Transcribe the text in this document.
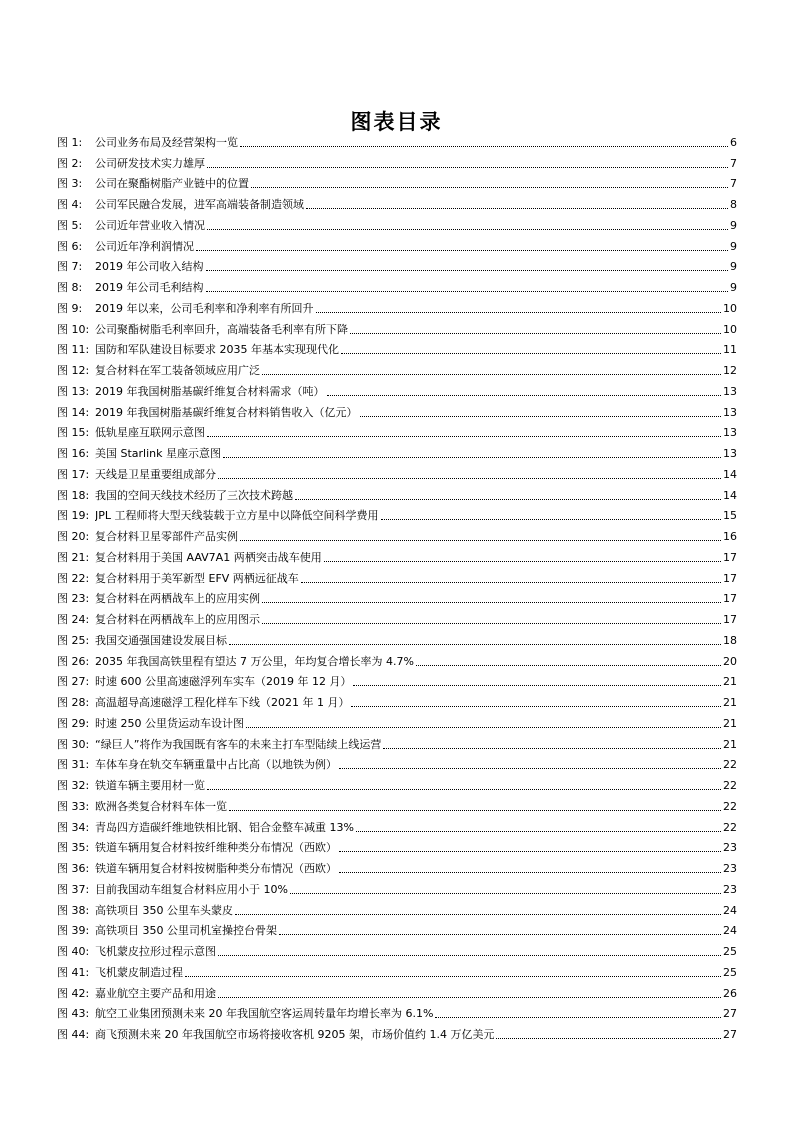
图表目录
图 1:	公司业务布局及经营架构一览	6
图 2:	公司研发技术实力雄厚	7
图 3:	公司在聚酯树脂产业链中的位置	7
图 4:	公司军民融合发展，进军高端装备制造领域	8
图 5:	公司近年营业收入情况	9
图 6:	公司近年净利润情况	9
图 7:	2019 年公司收入结构	9
图 8:	2019 年公司毛利结构	9
图 9:	2019 年以来，公司毛利率和净利率有所回升	10
图 10: 公司聚酯树脂毛利率回升，高端装备毛利率有所下降	10
图 11: 国防和军队建设目标要求 2035 年基本实现现代化	11
图 12: 复合材料在军工装备领域应用广泛	12
图 13: 2019 年我国树脂基碳纤维复合材料需求（吨）	13
图 14: 2019 年我国树脂基碳纤维复合材料销售收入（亿元）	13
图 15: 低轨星座互联网示意图	13
图 16: 美国 Starlink 星座示意图	13
图 17: 天线是卫星重要组成部分	14
图 18: 我国的空间天线技术经历了三次技术跨越	14
图 19: JPL 工程师将大型天线装载于立方星中以降低空间科学费用	15
图 20: 复合材料卫星零部件产品实例	16
图 21: 复合材料用于美国 AAV7A1 两栖突击战车使用	17
图 22: 复合材料用于美军新型 EFV 两栖远征战车	17
图 23: 复合材料在两栖战车上的应用实例	17
图 24: 复合材料在两栖战车上的应用图示	17
图 25: 我国交通强国建设发展目标	18
图 26: 2035 年我国高铁里程有望达 7 万公里，年均复合增长率为 4.7%	20
图 27: 时速 600 公里高速磁浮列车实车（2019 年 12 月）	21
图 28: 高温超导高速磁浮工程化样车下线（2021 年 1 月）	21
图 29: 时速 250 公里货运动车设计图	21
图 30: “绿巨人”将作为我国既有客车的未来主打车型陆续上线运营	21
图 31: 车体车身在轨交车辆重量中占比高（以地铁为例）	22
图 32: 铁道车辆主要用材一览	22
图 33: 欧洲各类复合材料车体一览	22
图 34: 青岛四方造碳纤维地铁相比钢、铝合金整车减重 13%	22
图 35: 铁道车辆用复合材料按纤维种类分布情况（西欧）	23
图 36: 铁道车辆用复合材料按树脂种类分布情况（西欧）	23
图 37: 目前我国动车组复合材料应用小于 10%	23
图 38: 高铁项目 350 公里车头蒙皮	24
图 39: 高铁项目 350 公里司机室操控台骨架	24
图 40: 飞机蒙皮拉形过程示意图	25
图 41: 飞机蒙皮制造过程	25
图 42: 嘉业航空主要产品和用途	26
图 43: 航空工业集团预测未来 20 年我国航空客运周转量年均增长率为 6.1%	27
图 44: 商飞预测未来 20 年我国航空市场将接收客机 9205 架，市场价值约 1.4 万亿美元	27
